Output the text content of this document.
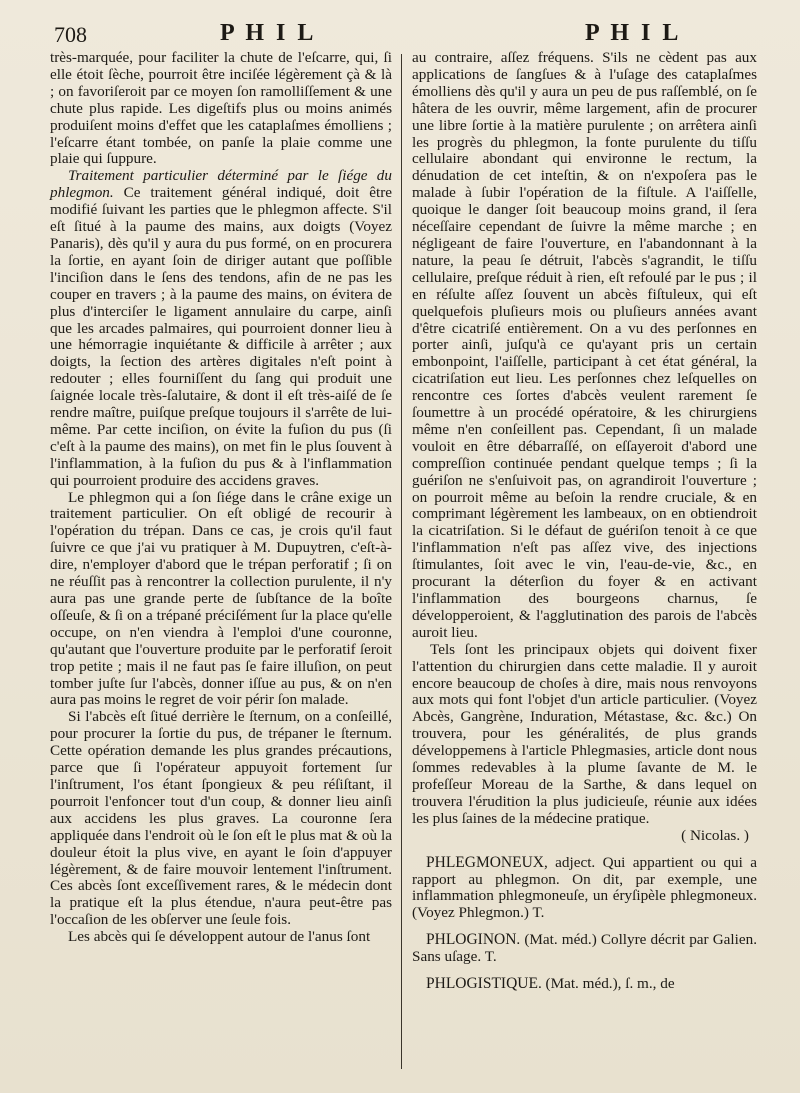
708	P H I L	P H I L

très-marquée, pour faciliter la chute de l'eſcarre, qui, ſi elle étoit ſèche, pourroit être inciſée légèrement çà & là ; on favoriſeroit par ce moyen ſon ramolliſſement & une chute plus rapide. Les digeſtifs plus ou moins animés produiſent moins d'effet que les cataplaſmes émolliens ; l'eſcarre étant tombée, on panſe la plaie comme une plaie qui ſuppure.

Traitement particulier déterminé par le ſiége du phlegmon. Ce traitement général indiqué, doit être modifié ſuivant les parties que le phlegmon affecte. S'il eſt ſitué à la paume des mains, aux doigts (Voyez Panaris), dès qu'il y aura du pus formé, on en procurera la ſortie, en ayant ſoin de diriger autant que poſſible l'inciſion dans le ſens des tendons, afin de ne pas les couper en travers ; à la paume des mains, on évitera de plus d'interciſer le ligament annulaire du carpe, ainſi que les arcades palmaires, qui pourroient donner lieu à une hémorragie inquiétante & difficile à arrêter ; aux doigts, la ſection des artères digitales n'eſt point à redouter ; elles fourniſſent du ſang qui produit une ſaignée locale très-ſalutaire, & dont il eſt très-aiſé de ſe rendre maître, puiſque preſque toujours il s'arrête de lui-même. Par cette inciſion, on évite la fuſion du pus (ſi c'eſt à la paume des mains), on met fin le plus ſouvent à l'inflammation, à la fuſion du pus & à l'inflammation qui pourroient produire des accidens graves.

Le phlegmon qui a ſon ſiége dans le crâne exige un traitement particulier. On eſt obligé de recourir à l'opération du trépan. Dans ce cas, je crois qu'il faut ſuivre ce que j'ai vu pratiquer à M. Dupuytren, c'eſt-à-dire, n'employer d'abord que le trépan perforatif ; ſi on ne réuſſit pas à rencontrer la collection purulente, il n'y aura pas une grande perte de ſubſtance de la boîte oſſeuſe, & ſi on a trépané préciſément ſur la place qu'elle occupe, on n'en viendra à l'emploi d'une couronne, qu'autant que l'ouverture produite par le perforatif ſeroit trop petite ; mais il ne faut pas ſe faire illuſion, on peut tomber juſte ſur l'abcès, donner iſſue au pus, & on n'en aura pas moins le regret de voir périr ſon malade.

Si l'abcès eſt ſitué derrière le ſternum, on a conſeillé, pour procurer la ſortie du pus, de trépaner le ſternum. Cette opération demande les plus grandes précautions, parce que ſi l'opérateur appuyoit fortement ſur l'inſtrument, l'os étant ſpongieux & peu réſiſtant, il pourroit l'enfoncer tout d'un coup, & donner lieu ainſi aux accidens les plus graves. La couronne ſera appliquée dans l'endroit où le ſon eſt le plus mat & où la douleur étoit la plus vive, en ayant le ſoin d'appuyer légèrement, & de faire mouvoir lentement l'inſtrument. Ces abcès ſont exceſſivement rares, & le médecin dont la pratique eſt la plus étendue, n'aura peut-être pas l'occaſion de les obſerver une ſeule fois.

Les abcès qui ſe développent autour de l'anus ſont

au contraire, aſſez fréquens. S'ils ne cèdent pas aux applications de ſangſues & à l'uſage des cataplaſmes émolliens dès qu'il y aura un peu de pus raſſemblé, on ſe hâtera de les ouvrir, même largement, afin de procurer une libre ſortie à la matière purulente ; on arrêtera ainſi les progrès du phlegmon, la fonte purulente du tiſſu cellulaire abondant qui environne le rectum, la dénudation de cet inteſtin, & on n'expoſera pas le malade à ſubir l'opération de la fiſtule. A l'aiſſelle, quoique le danger ſoit beaucoup moins grand, il ſera néceſſaire cependant de ſuivre la même marche ; en négligeant de faire l'ouverture, en l'abandonnant à la nature, la peau ſe détruit, l'abcès s'agrandit, le tiſſu cellulaire, preſque réduit à rien, eſt refoulé par le pus ; il en réſulte aſſez ſouvent un abcès fiſtuleux, qui eſt quelquefois pluſieurs mois ou pluſieurs années avant d'être cicatriſé entièrement. On a vu des perſonnes en porter ainſi, juſqu'à ce qu'ayant pris un certain embonpoint, l'aiſſelle, participant à cet état général, la cicatriſation eut lieu. Les perſonnes chez leſquelles on rencontre ces ſortes d'abcès veulent rarement ſe ſoumettre à un procédé opératoire, & les chirurgiens même n'en conſeillent pas. Cependant, ſi un malade vouloit en être débarraſſé, on eſſayeroit d'abord une compreſſion continuée pendant quelque temps ; ſi la guériſon ne s'enſuivoit pas, on agrandiroit l'ouverture ; on pourroit même au beſoin la rendre cruciale, & en comprimant légèrement les lambeaux, on en obtiendroit la cicatriſation. Si le défaut de guériſon tenoit à ce que l'inflammation n'eſt pas aſſez vive, des injections ſtimulantes, ſoit avec le vin, l'eau-de-vie, &c., en procurant la déterſion du foyer & en activant l'inflammation des bourgeons charnus, ſe développeroient, & l'agglutination des parois de l'abcès auroit lieu.

Tels ſont les principaux objets qui doivent fixer l'attention du chirurgien dans cette maladie. Il y auroit encore beaucoup de choſes à dire, mais nous renvoyons aux mots qui font l'objet d'un article particulier. (Voyez Abcès, Gangrène, Induration, Métastase, &c. &c.) On trouvera, pour les généralités, de plus grands développemens à l'article Phlegmasies, article dont nous ſommes redevables à la plume ſavante de M. le profeſſeur Moreau de la Sarthe, & dans lequel on trouvera l'érudition la plus judicieuſe, réunie aux idées les plus ſaines de la médecine pratique.

( Nicolas. )

PHLEGMONEUX, adject. Qui appartient ou qui a rapport au phlegmon. On dit, par exemple, une inflammation phlegmoneuſe, un éryſipèle phlegmoneux. (Voyez Phlegmon.) T.

PHLOGINON. (Mat. méd.) Collyre décrit par Galien. Sans uſage. T.

PHLOGISTIQUE. (Mat. méd.), ſ. m., de
